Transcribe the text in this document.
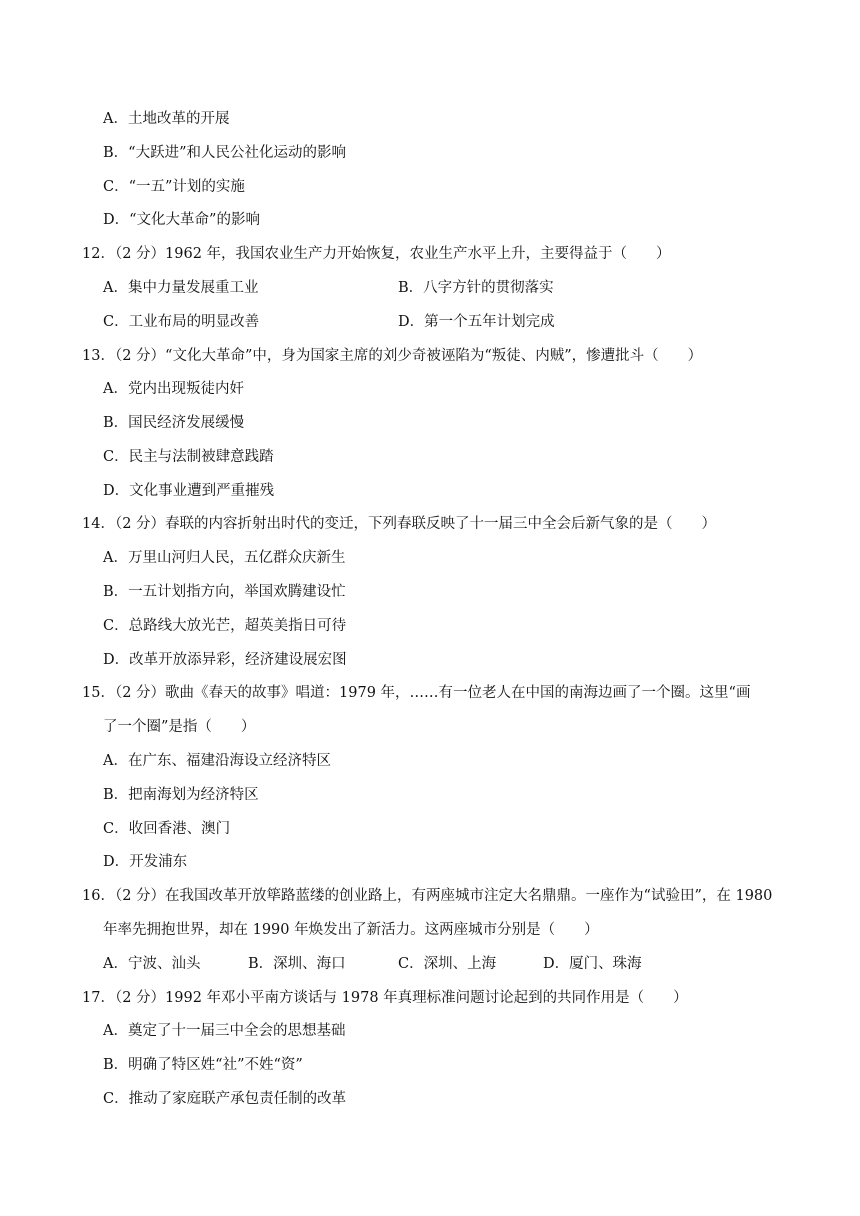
A．土地改革的开展
B．“大跃进”和人民公社化运动的影响
C．“一五”计划的实施
D．“文化大革命”的影响
12．（2 分）1962 年，我国农业生产力开始恢复，农业生产水平上升，主要得益于（　　）
A．集中力量发展重工业	B．八字方针的贯彻落实
C．工业布局的明显改善	D．第一个五年计划完成
13．（2 分）“文化大革命”中，身为国家主席的刘少奇被诬陷为“叛徒、内贼”，惨遭批斗（　　）
A．党内出现叛徒内奸
B．国民经济发展缓慢
C．民主与法制被肆意践踏
D．文化事业遭到严重摧残
14．（2 分）春联的内容折射出时代的变迁，下列春联反映了十一届三中全会后新气象的是（　　）
A．万里山河归人民，五亿群众庆新生
B．一五计划指方向，举国欢腾建设忙
C．总路线大放光芒，超英美指日可待
D．改革开放添异彩，经济建设展宏图
15．（2 分）歌曲《春天的故事》唱道：1979 年，……有一位老人在中国的南海边画了一个圈。这里“画
了一个圈”是指（　　）
A．在广东、福建沿海设立经济特区
B．把南海划为经济特区
C．收回香港、澳门
D．开发浦东
16．（2 分）在我国改革开放筚路蓝缕的创业路上，有两座城市注定大名鼎鼎。一座作为“试验田”，在 1980
年率先拥抱世界，却在 1990 年焕发出了新活力。这两座城市分别是（　　）
A．宁波、汕头	B．深圳、海口	C．深圳、上海	D．厦门、珠海
17．（2 分）1992 年邓小平南方谈话与 1978 年真理标准问题讨论起到的共同作用是（　　）
A．奠定了十一届三中全会的思想基础
B．明确了特区姓“社”不姓“资”
C．推动了家庭联产承包责任制的改革
